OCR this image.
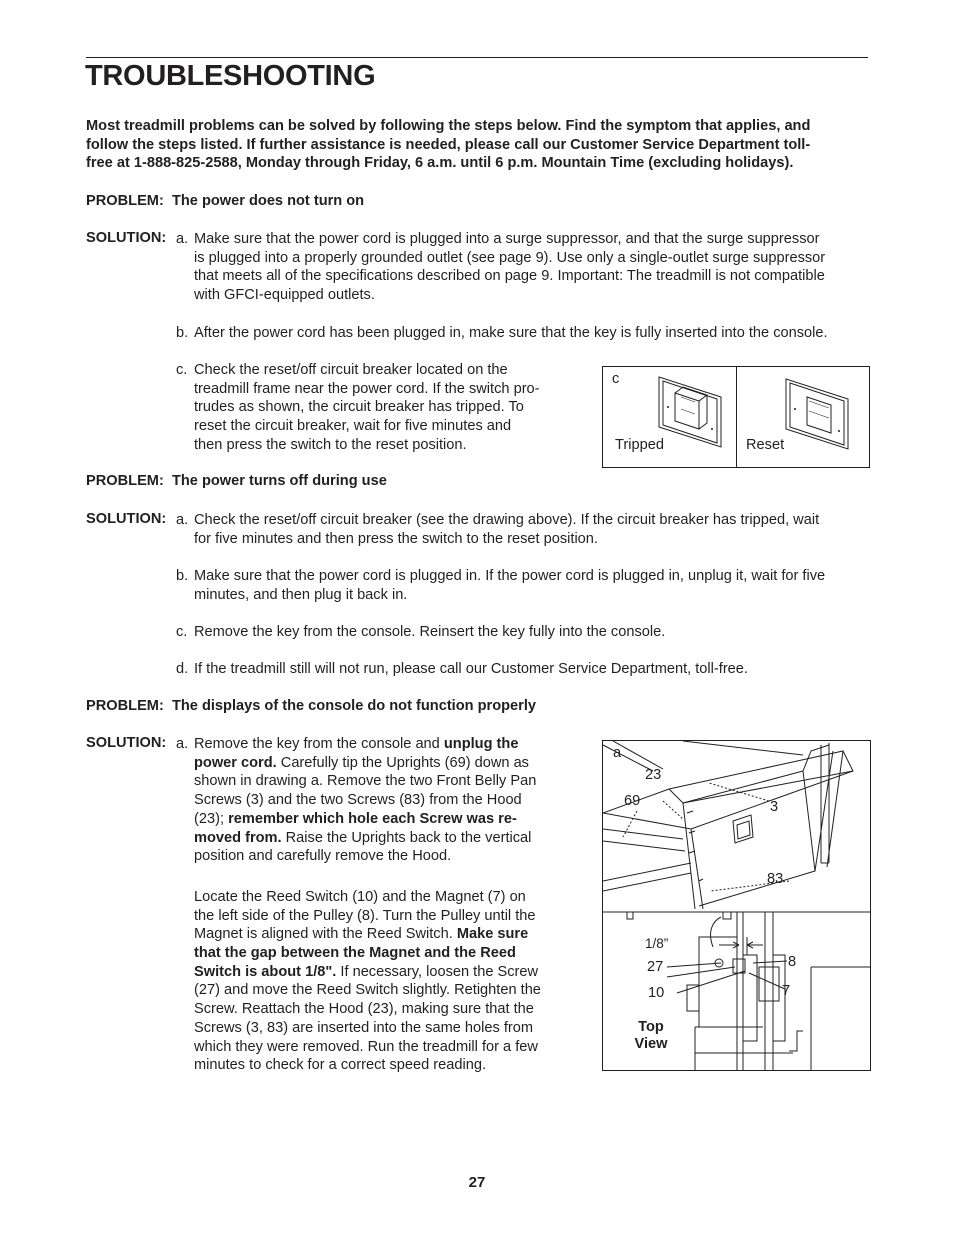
TROUBLESHOOTING
Most treadmill problems can be solved by following the steps below. Find the symptom that applies, and
follow the steps listed. If further assistance is needed, please call our Customer Service Department toll-
free at 1-888-825-2588, Monday through Friday, 6 a.m. until 6 p.m. Mountain Time (excluding holidays).
PROBLEM: The power does not turn on
SOLUTION: a. Make sure that the power cord is plugged into a surge suppressor, and that the surge suppressor
is plugged into a properly grounded outlet (see page 9). Use only a single-outlet surge suppressor
that meets all of the specifications described on page 9. Important: The treadmill is not compatible
with GFCI-equipped outlets.
b. After the power cord has been plugged in, make sure that the key is fully inserted into the console.
c. Check the reset/off circuit breaker located on the
treadmill frame near the power cord. If the switch pro-
trudes as shown, the circuit breaker has tripped. To
reset the circuit breaker, wait for five minutes and
then press the switch to the reset position.
c
Tripped	Reset
PROBLEM: The power turns off during use
SOLUTION: a. Check the reset/off circuit breaker (see the drawing above). If the circuit breaker has tripped, wait
for five minutes and then press the switch to the reset position.
b. Make sure that the power cord is plugged in. If the power cord is plugged in, unplug it, wait for five
minutes, and then plug it back in.
c. Remove the key from the console. Reinsert the key fully into the console.
d. If the treadmill still will not run, please call our Customer Service Department, toll-free.
PROBLEM: The displays of the console do not function properly
SOLUTION: a. Remove the key from the console and unplug the
power cord. Carefully tip the Uprights (69) down as
shown in drawing a. Remove the two Front Belly Pan
Screws (3) and the two Screws (83) from the Hood
(23); remember which hole each Screw was re-
moved from. Raise the Uprights back to the vertical
position and carefully remove the Hood.
Locate the Reed Switch (10) and the Magnet (7) on
the left side of the Pulley (8). Turn the Pulley until the
Magnet is aligned with the Reed Switch. Make sure
that the gap between the Magnet and the Reed
Switch is about 1/8". If necessary, loosen the Screw
(27) and move the Reed Switch slightly. Retighten the
Screw. Reattach the Hood (23), making sure that the
Screws (3, 83) are inserted into the same holes from
which they were removed. Run the treadmill for a few
minutes to check for a correct speed reading.
a
23
69	3
83
1/8”
27	8
10	7
Top
View
27
